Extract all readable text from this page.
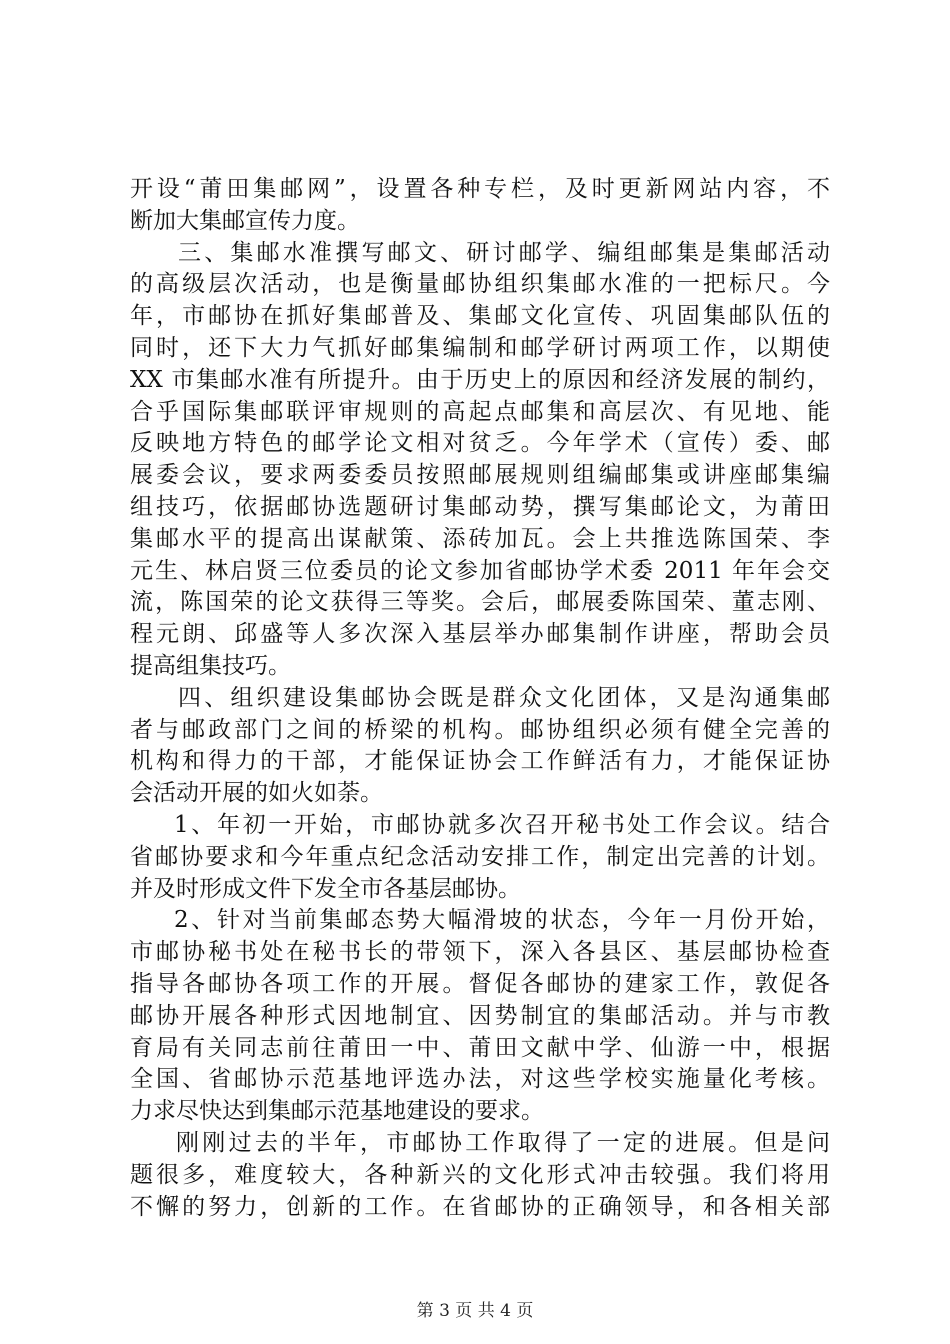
开设“莆田集邮网”，设置各种专栏，及时更新网站内容，不
断加大集邮宣传力度。
三、集邮水准撰写邮文、研讨邮学、编组邮集是集邮活动
的高级层次活动，也是衡量邮协组织集邮水准的一把标尺。今
年，市邮协在抓好集邮普及、集邮文化宣传、巩固集邮队伍的
同时，还下大力气抓好邮集编制和邮学研讨两项工作，以期使
XX 市集邮水准有所提升。由于历史上的原因和经济发展的制约，
合乎国际集邮联评审规则的高起点邮集和高层次、有见地、能
反映地方特色的邮学论文相对贫乏。今年学术（宣传）委、邮
展委会议，要求两委委员按照邮展规则组编邮集或讲座邮集编
组技巧，依据邮协选题研讨集邮动势，撰写集邮论文，为莆田
集邮水平的提高出谋献策、添砖加瓦。会上共推选陈国荣、李
元生、林启贤三位委员的论文参加省邮协学术委 2011 年年会交
流，陈国荣的论文获得三等奖。会后，邮展委陈国荣、董志刚、
程元朗、邱盛等人多次深入基层举办邮集制作讲座，帮助会员
提高组集技巧。
四、组织建设集邮协会既是群众文化团体，又是沟通集邮
者与邮政部门之间的桥梁的机构。邮协组织必须有健全完善的
机构和得力的干部，才能保证协会工作鲜活有力，才能保证协
会活动开展的如火如荼。
1、年初一开始，市邮协就多次召开秘书处工作会议。结合
省邮协要求和今年重点纪念活动安排工作，制定出完善的计划。
并及时形成文件下发全市各基层邮协。
2、针对当前集邮态势大幅滑坡的状态，今年一月份开始，
市邮协秘书处在秘书长的带领下，深入各县区、基层邮协检查
指导各邮协各项工作的开展。督促各邮协的建家工作，敦促各
邮协开展各种形式因地制宜、因势制宜的集邮活动。并与市教
育局有关同志前往莆田一中、莆田文献中学、仙游一中，根据
全国、省邮协示范基地评选办法，对这些学校实施量化考核。
力求尽快达到集邮示范基地建设的要求。
刚刚过去的半年，市邮协工作取得了一定的进展。但是问
题很多，难度较大，各种新兴的文化形式冲击较强。我们将用
不懈的努力，创新的工作。在省邮协的正确领导，和各相关部
第 3 页 共 4 页
